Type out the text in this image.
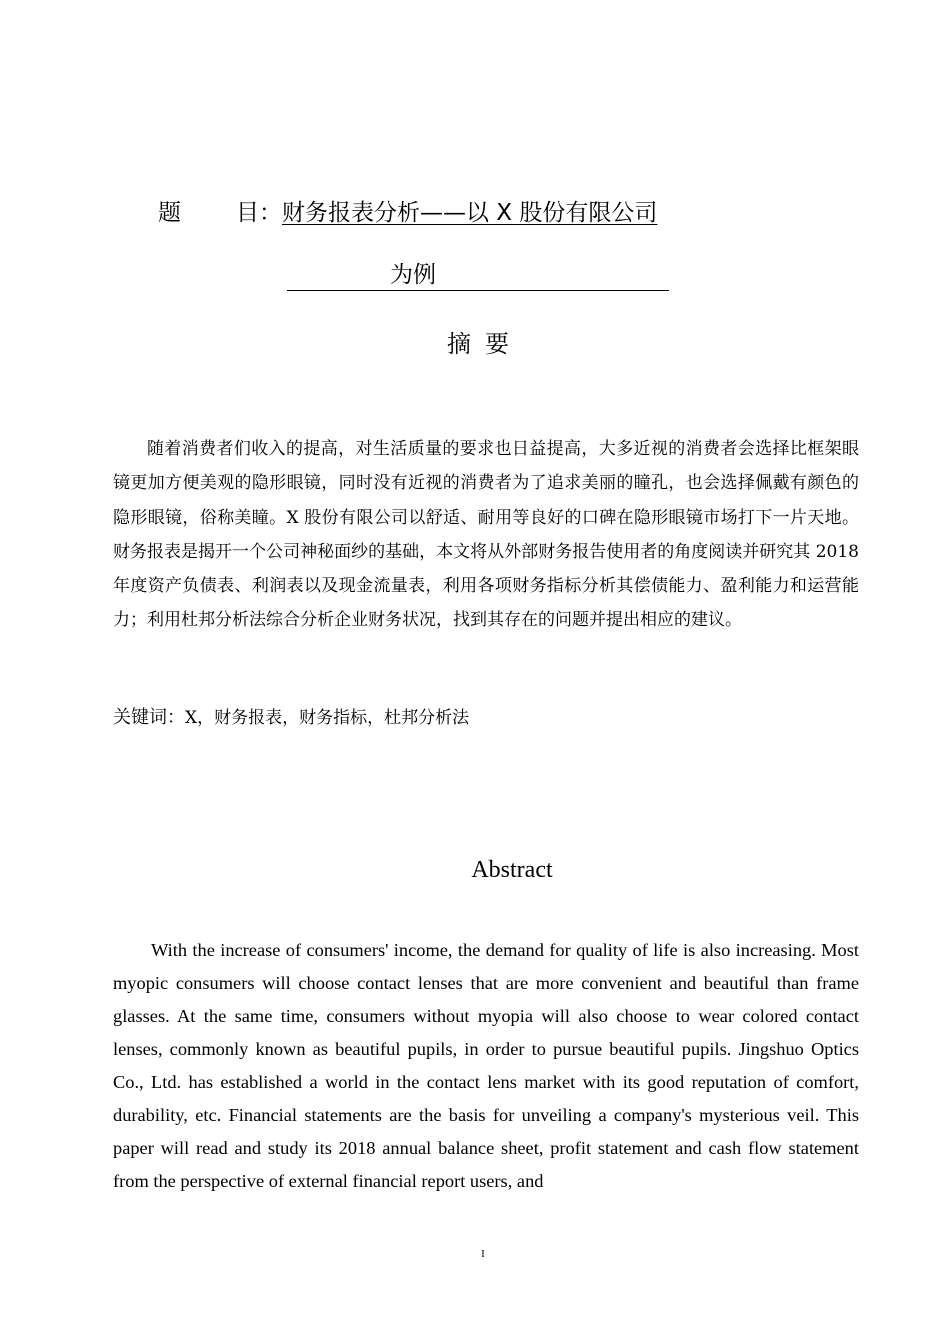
题 目：财务报表分析——以 X 股份有限公司
为例
摘要

随着消费者们收入的提高，对生活质量的要求也日益提高，大多近视的消费者会选择比框架眼镜更加方便美观的隐形眼镜，同时没有近视的消费者为了追求美丽的瞳孔，也会选择佩戴有颜色的隐形眼镜，俗称美瞳。X 股份有限公司以舒适、耐用等良好的口碑在隐形眼镜市场打下一片天地。财务报表是揭开一个公司神秘面纱的基础，本文将从外部财务报告使用者的角度阅读并研究其 2018 年度资产负债表、利润表以及现金流量表，利用各项财务指标分析其偿债能力、盈利能力和运营能力；利用杜邦分析法综合分析企业财务状况，找到其存在的问题并提出相应的建议。

关键词：X，财务报表，财务指标，杜邦分析法
Abstract

With the increase of consumers' income, the demand for quality of life is also increasing. Most myopic consumers will choose contact lenses that are more convenient and beautiful than frame glasses. At the same time, consumers without myopia will also choose to wear colored contact lenses, commonly known as beautiful pupils, in order to pursue beautiful pupils. Jingshuo Optics Co., Ltd. has established a world in the contact lens market with its good reputation of comfort, durability, etc. Financial statements are the basis for unveiling a company's mysterious veil. This paper will read and study its 2018 annual balance sheet, profit statement and cash flow statement from the perspective of external financial report users, and

I
